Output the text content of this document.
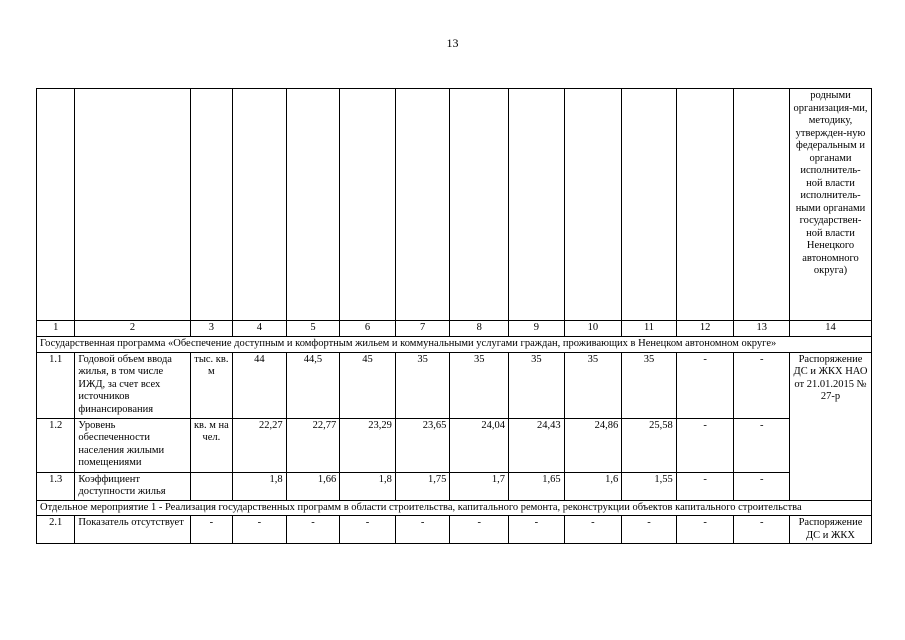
13
													родными организация-ми, методику, утвержден-ную федеральным и органами исполнитель-ной власти исполнитель-ными органами государствен-ной власти Ненецкого автономного округа)
1	2	3	4	5	6	7	8	9	10	11	12	13	14
Государственная программа «Обеспечение доступным и комфортным жильем и коммунальными услугами граждан, проживающих в Ненецком автономном округе»													
1.1	Годовой объем ввода жилья, в том числе ИЖД, за счет всех источников финансирования	тыс. кв. м	44	44,5	45	35	35	35	35	35	-	-	Распоряжение ДС и ЖКХ НАО от 21.01.2015 № 27-р
1.2	Уровень обеспеченности населения жилыми помещениями	кв. м на чел.	22,27	22,77	23,29	23,65	24,04	24,43	24,86	25,58	-	-	
1.3	Коэффициент доступности жилья		1,8	1,66	1,8	1,75	1,7	1,65	1,6	1,55	-	-	
Отдельное мероприятие 1 - Реализация государственных программ в области строительства, капитального ремонта, реконструкции объектов капитального строительства													
2.1	Показатель отсутствует	-	-	-	-	-	-	-	-	-	-	-	Распоряжение ДС и ЖКХ
